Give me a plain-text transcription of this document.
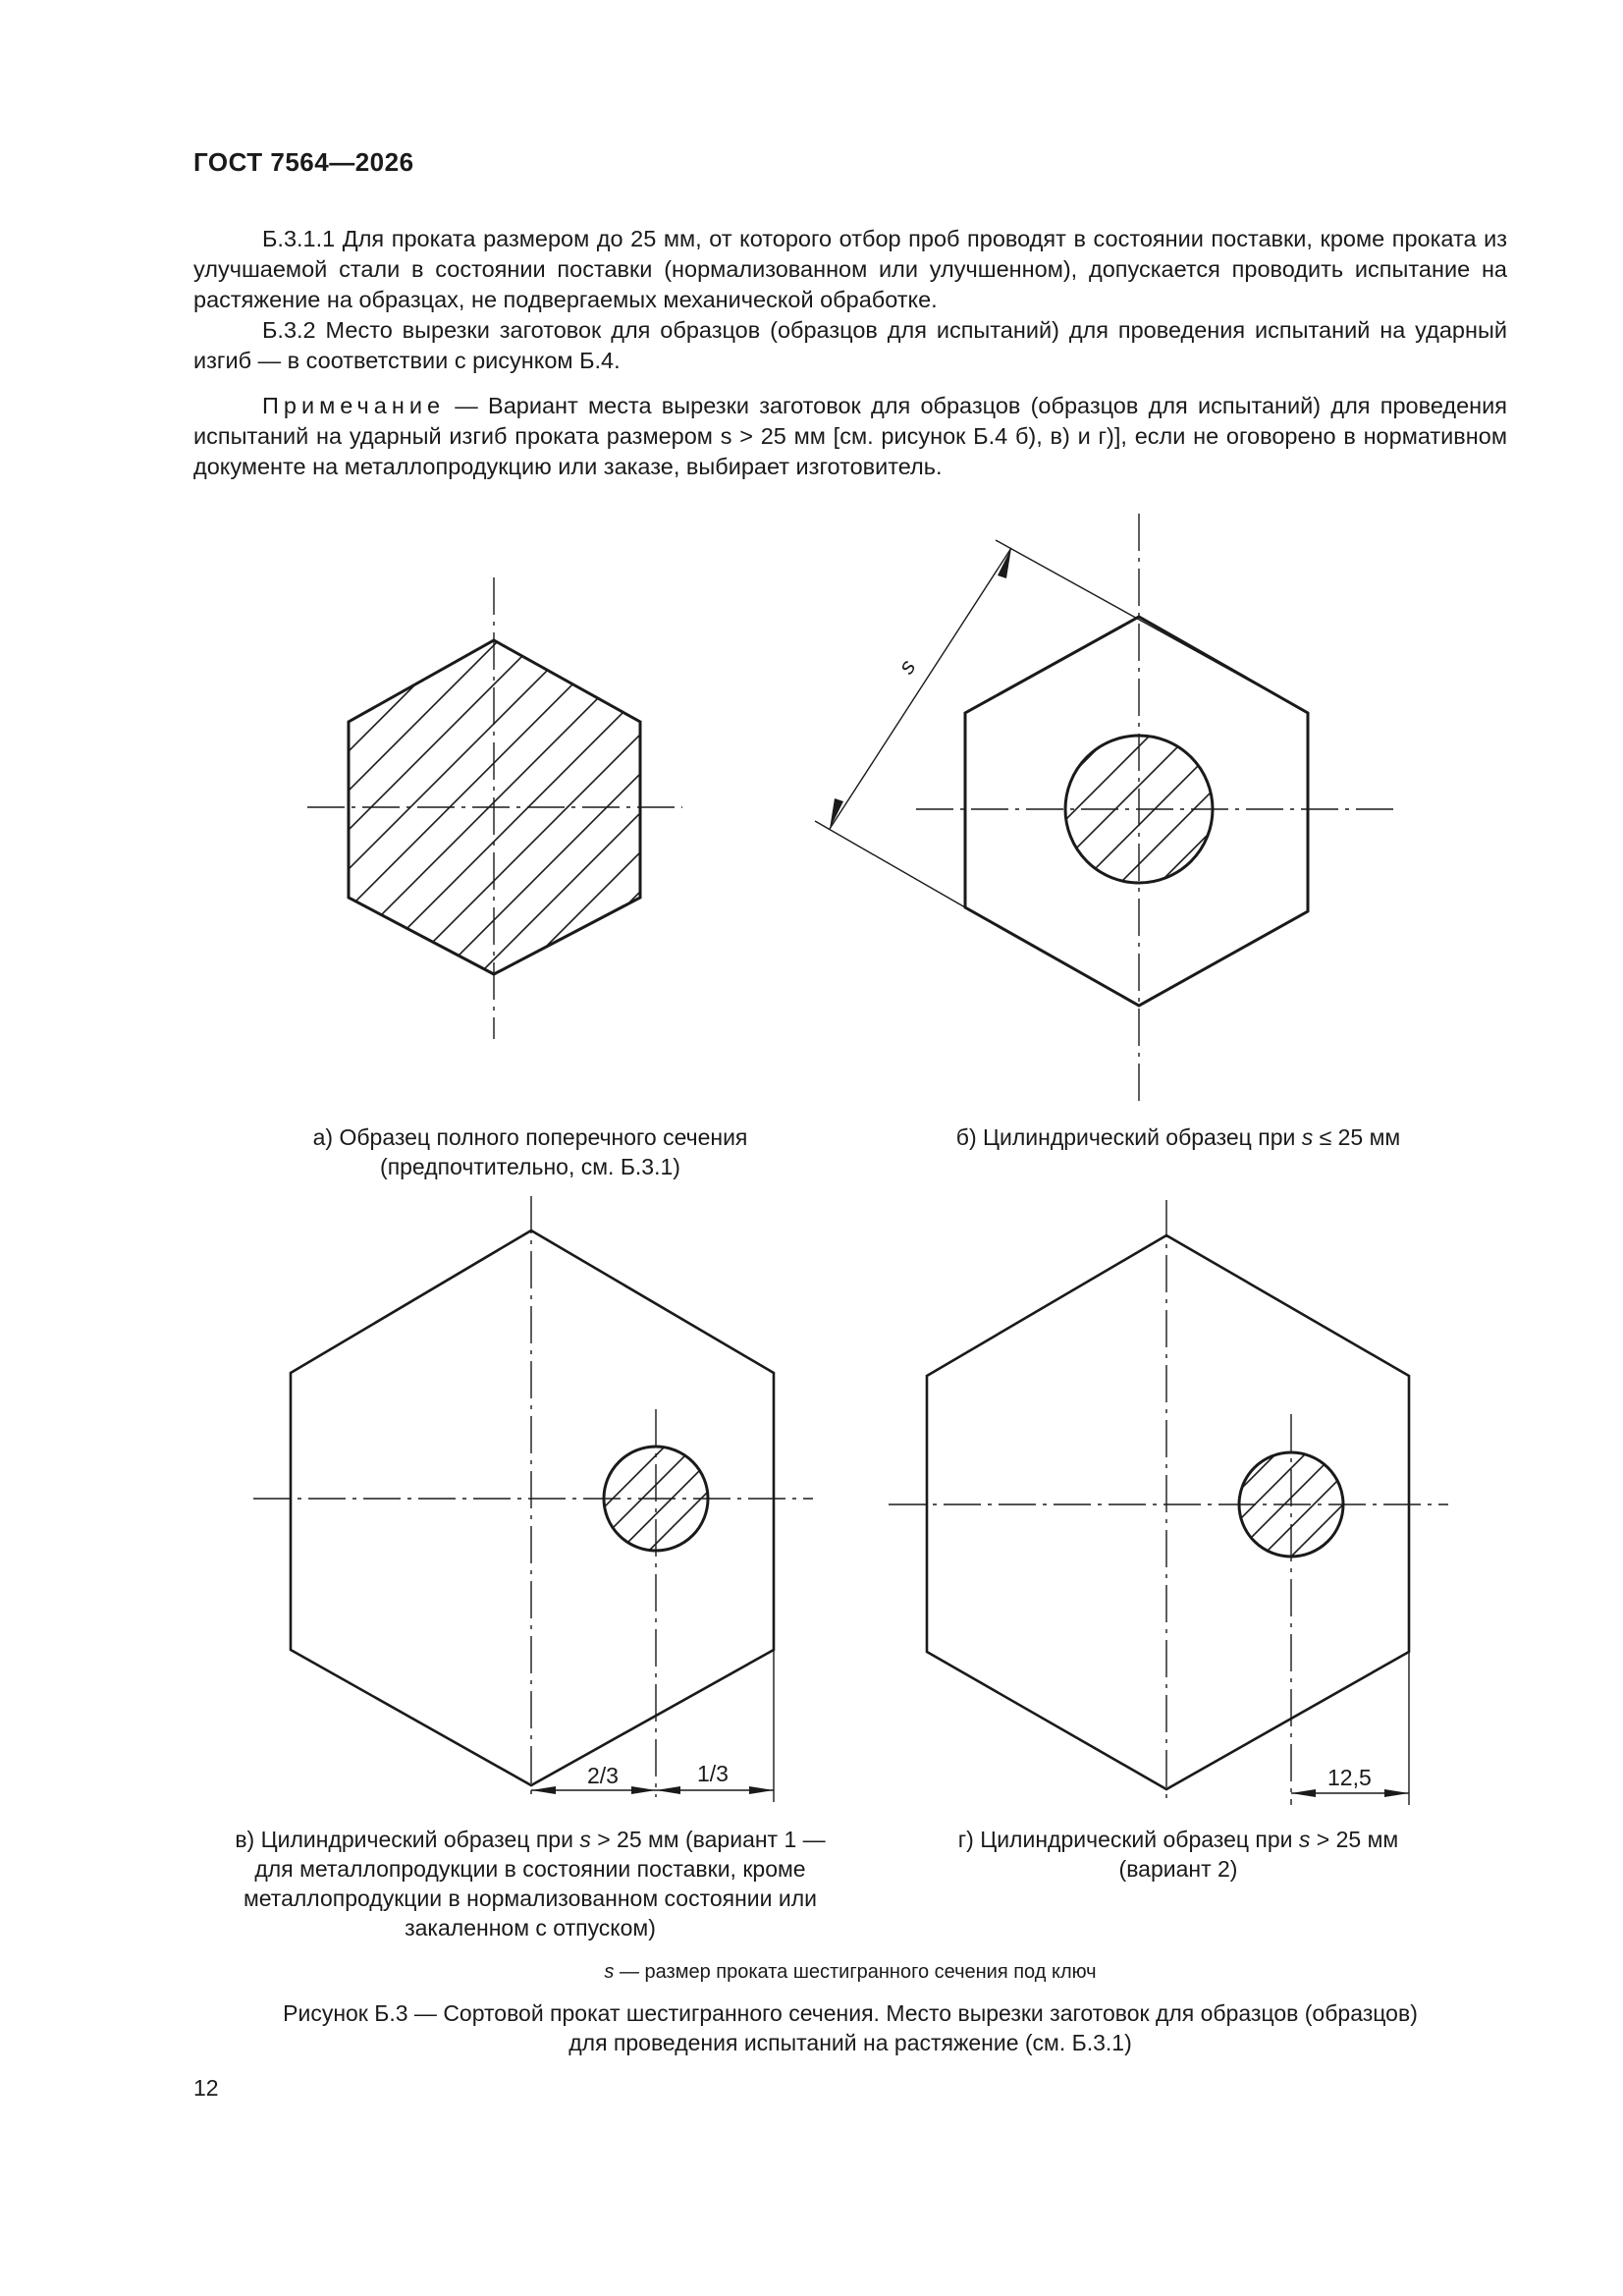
ГОСТ 7564—2026

Б.3.1.1 Для проката размером до 25 мм, от которого отбор проб проводят в состоянии поставки, кроме проката из улучшаемой стали в состоянии поставки (нормализованном или улучшенном), допускается проводить испытание на растяжение на образцах, не подвергаемых механической обработке.

Б.3.2 Место вырезки заготовок для образцов (образцов для испытаний) для проведения испытаний на ударный изгиб — в соответствии с рисунком Б.4.

Примечание — Вариант места вырезки заготовок для образцов (образцов для испытаний) для проведения испытаний на ударный изгиб проката размером s > 25 мм [см. рисунок Б.4 б), в) и г)], если не оговорено в нормативном документе на металлопродукцию или заказе, выбирает изготовитель.

s
2/3	1/3	12,5
а) Образец полного поперечного сечения
(предпочтительно, см. Б.3.1)
б) Цилиндрический образец при s ≤ 25 мм
в) Цилиндрический образец при s > 25 мм (вариант 1 —
для металлопродукции в состоянии поставки, кроме
металлопродукции в нормализованном состоянии или
закаленном с отпуском)
г) Цилиндрический образец при s > 25 мм
(вариант 2)
s — размер проката шестигранного сечения под ключ
Рисунок Б.3 — Сортовой прокат шестигранного сечения. Место вырезки заготовок для образцов (образцов)
для проведения испытаний на растяжение (см. Б.3.1)
12
